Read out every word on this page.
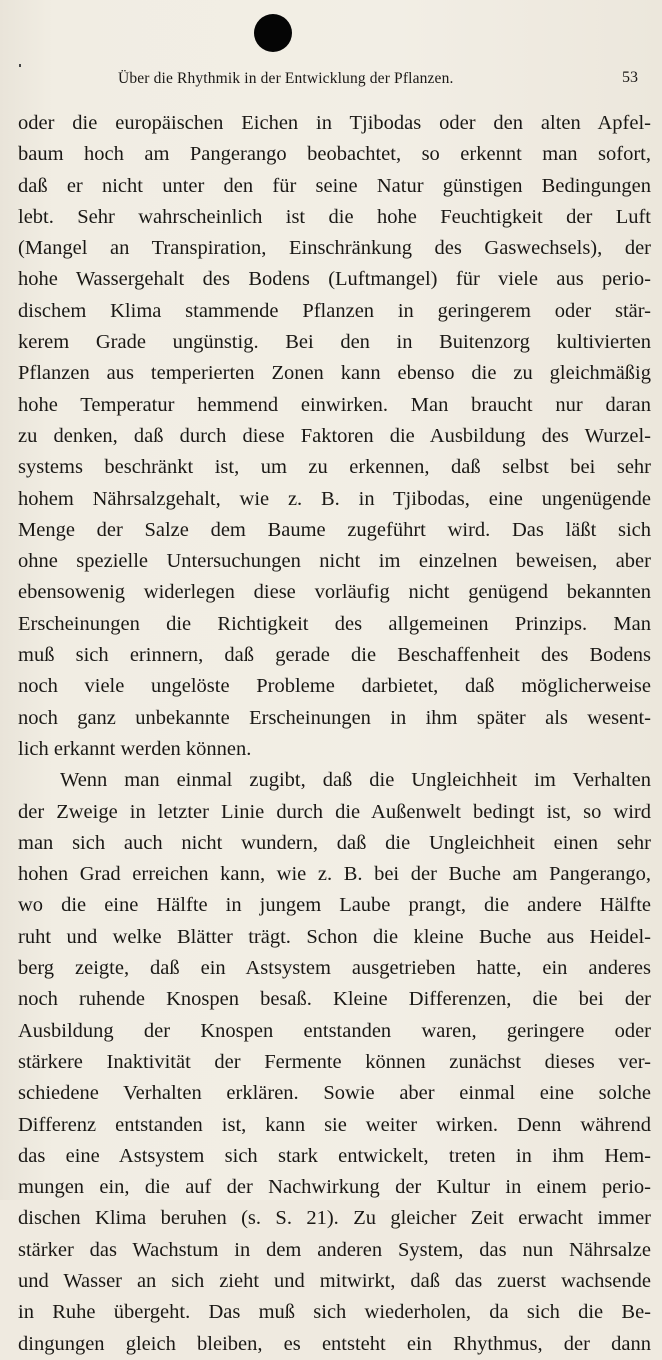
Über die Rhythmik in der Entwicklung der Pflanzen.	53
oder die europäischen Eichen in Tjibodas oder den alten Apfel-
baum hoch am Pangerango beobachtet, so erkennt man sofort,
daß er nicht unter den für seine Natur günstigen Bedingungen
lebt. Sehr wahrscheinlich ist die hohe Feuchtigkeit der Luft
(Mangel an Transpiration, Einschränkung des Gaswechsels), der
hohe Wassergehalt des Bodens (Luftmangel) für viele aus perio-
dischem Klima stammende Pflanzen in geringerem oder stär-
kerem Grade ungünstig. Bei den in Buitenzorg kultivierten
Pflanzen aus temperierten Zonen kann ebenso die zu gleichmäßig
hohe Temperatur hemmend einwirken. Man braucht nur daran
zu denken, daß durch diese Faktoren die Ausbildung des Wurzel-
systems beschränkt ist, um zu erkennen, daß selbst bei sehr
hohem Nährsalzgehalt, wie z. B. in Tjibodas, eine ungenügende
Menge der Salze dem Baume zugeführt wird. Das läßt sich
ohne spezielle Untersuchungen nicht im einzelnen beweisen, aber
ebensowenig widerlegen diese vorläufig nicht genügend bekannten
Erscheinungen die Richtigkeit des allgemeinen Prinzips. Man
muß sich erinnern, daß gerade die Beschaffenheit des Bodens
noch viele ungelöste Probleme darbietet, daß möglicherweise
noch ganz unbekannte Erscheinungen in ihm später als wesent-
lich erkannt werden können.
Wenn man einmal zugibt, daß die Ungleichheit im Verhalten
der Zweige in letzter Linie durch die Außenwelt bedingt ist, so wird
man sich auch nicht wundern, daß die Ungleichheit einen sehr
hohen Grad erreichen kann, wie z. B. bei der Buche am Pangerango,
wo die eine Hälfte in jungem Laube prangt, die andere Hälfte
ruht und welke Blätter trägt. Schon die kleine Buche aus Heidel-
berg zeigte, daß ein Astsystem ausgetrieben hatte, ein anderes
noch ruhende Knospen besaß. Kleine Differenzen, die bei der
Ausbildung der Knospen entstanden waren, geringere oder
stärkere Inaktivität der Fermente können zunächst dieses ver-
schiedene Verhalten erklären. Sowie aber einmal eine solche
Differenz entstanden ist, kann sie weiter wirken. Denn während
das eine Astsystem sich stark entwickelt, treten in ihm Hem-
mungen ein, die auf der Nachwirkung der Kultur in einem perio-
dischen Klima beruhen (s. S. 21). Zu gleicher Zeit erwacht immer
stärker das Wachstum in dem anderen System, das nun Nährsalze
und Wasser an sich zieht und mitwirkt, daß das zuerst wachsende
in Ruhe übergeht. Das muß sich wiederholen, da sich die Be-
dingungen gleich bleiben, es entsteht ein Rhythmus, der dann
